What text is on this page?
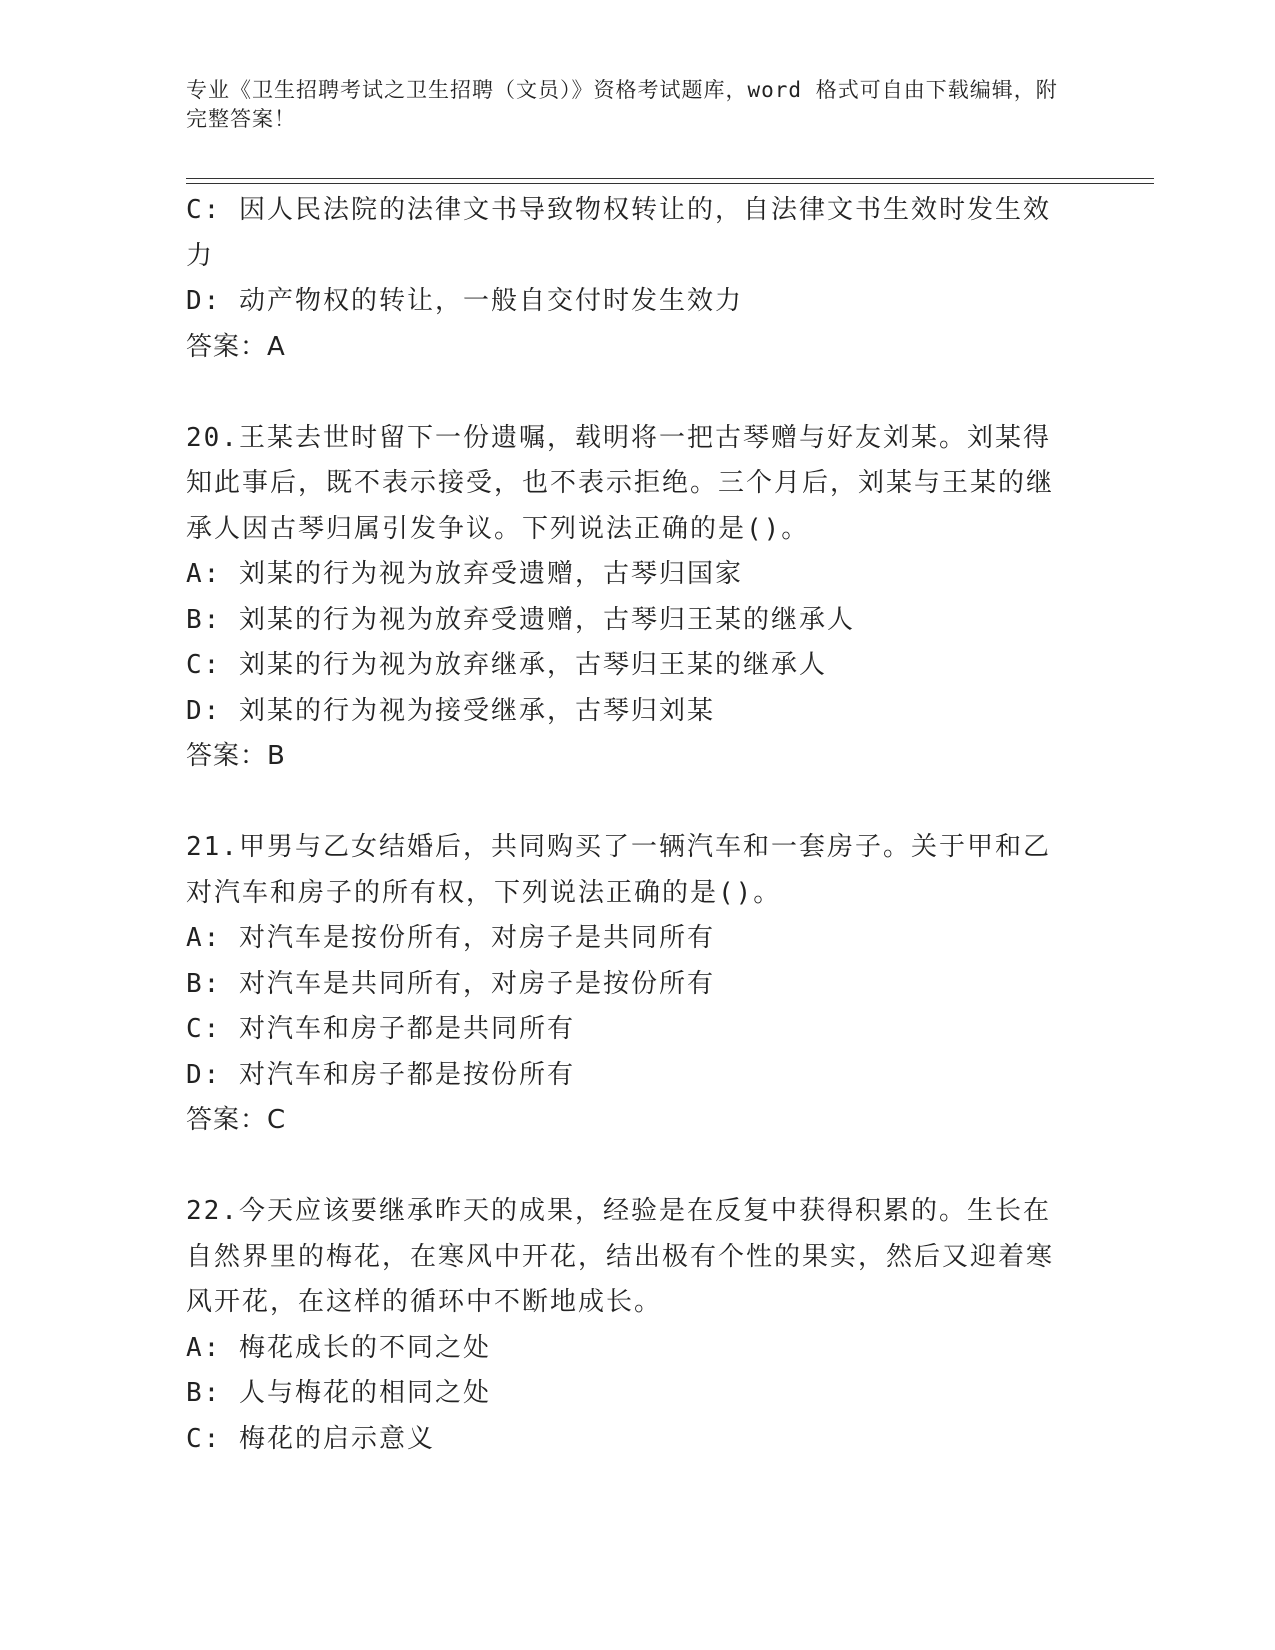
专业《卫生招聘考试之卫生招聘（文员）》资格考试题库，word 格式可自由下载编辑，附完整答案！

C: 因人民法院的法律文书导致物权转让的，自法律文书生效时发生效力

D: 动产物权的转让，一般自交付时发生效力

答案：A

20.王某去世时留下一份遗嘱，载明将一把古琴赠与好友刘某。刘某得知此事后，既不表示接受，也不表示拒绝。三个月后，刘某与王某的继承人因古琴归属引发争议。下列说法正确的是()。

A: 刘某的行为视为放弃受遗赠，古琴归国家

B: 刘某的行为视为放弃受遗赠，古琴归王某的继承人

C: 刘某的行为视为放弃继承，古琴归王某的继承人

D: 刘某的行为视为接受继承，古琴归刘某

答案：B

21.甲男与乙女结婚后，共同购买了一辆汽车和一套房子。关于甲和乙对汽车和房子的所有权，下列说法正确的是()。

A: 对汽车是按份所有，对房子是共同所有

B: 对汽车是共同所有，对房子是按份所有

C: 对汽车和房子都是共同所有

D: 对汽车和房子都是按份所有

答案：C

22.今天应该要继承昨天的成果，经验是在反复中获得积累的。生长在自然界里的梅花，在寒风中开花，结出极有个性的果实，然后又迎着寒风开花，在这样的循环中不断地成长。

A: 梅花成长的不同之处

B: 人与梅花的相同之处

C: 梅花的启示意义
